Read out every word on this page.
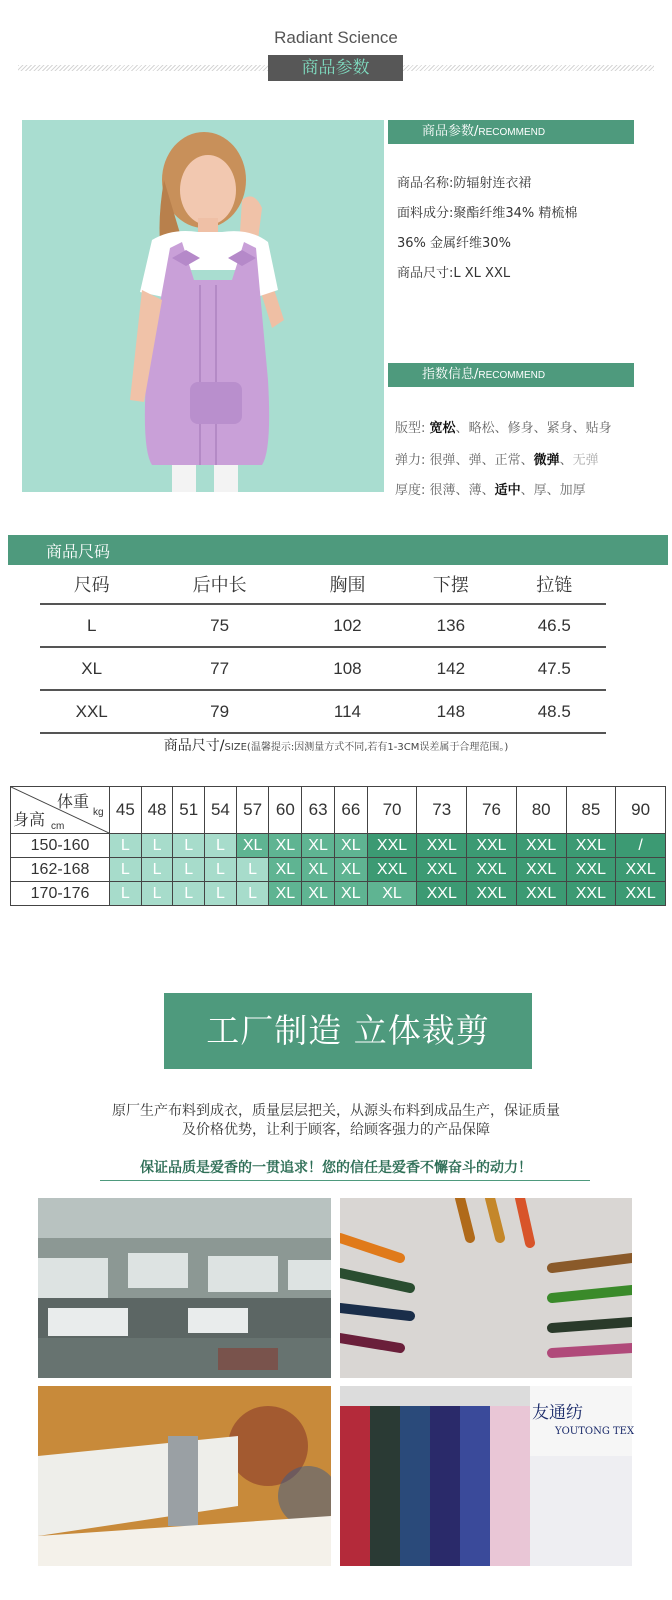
Radiant Science
商品参数
商品参数/RECOMMEND
商品名称:防辐射连衣裙
面料成分:聚酯纤维34% 精梳棉
36% 金属纤维30%
商品尺寸:L XL XXL
指数信息/RECOMMEND
版型: 宽松、略松、修身、紧身、贴身
弹力: 很弹、弹、正常、微弹、无弹
厚度: 很薄、薄、适中、厚、加厚
商品尺码
尺码	后中长	胸围	下摆	拉链
L	75	102	136	46.5
XL	77	108	142	47.5
XXL	79	114	148	48.5
商品尺寸/SIZE(温馨提示:因测量方式不同,若有1-3CM误差属于合理范围。)
体重
kg
身高 cm	45	48	51	54	57	60	63	66	70	73	76	80	85	90
150-160	L	L	L	L	XL	XL	XL	XL	XXL	XXL	XXL	XXL	XXL	/
162-168	L	L	L	L	L	XL	XL	XL	XXL	XXL	XXL	XXL	XXL	XXL
170-176	L	L	L	L	L	XL	XL	XL	XL	XXL	XXL	XXL	XXL	XXL
工厂制造 立体裁剪
原厂生产布料到成衣，质量层层把关，从源头布料到成品生产，保证质量
及价格优势，让利于顾客，给顾客强力的产品保障
保证品质是爱香的一贯追求！您的信任是爱香不懈奋斗的动力！
友通纺
YOUTONG TEX
